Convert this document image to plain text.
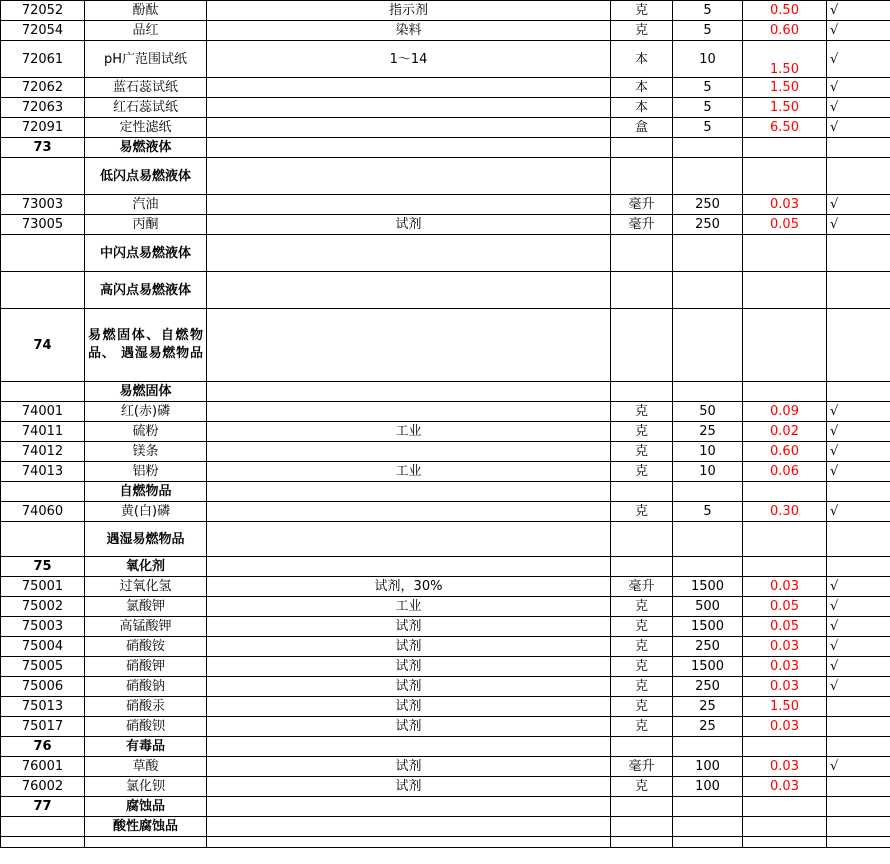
72052	酚酞	指示剂	克	5	0.50	√
72054	品红	染料	克	5	0.60	√
72061	pH广范围试纸	1～14	本	10	1.50	√
72062	蓝石蕊试纸		本	5	1.50	√
72063	红石蕊试纸		本	5	1.50	√
72091	定性滤纸		盒	5	6.50	√
73	易燃液体					
	低闪点易燃液体					
73003	汽油		毫升	250	0.03	√
73005	丙酮	试剂	毫升	250	0.05	√
	中闪点易燃液体					
	高闪点易燃液体					
74	易燃固体、自燃物品、 遇湿易燃物品					
	易燃固体					
74001	红(赤)磷		克	50	0.09	√
74011	硫粉	工业	克	25	0.02	√
74012	镁条		克	10	0.60	√
74013	铝粉	工业	克	10	0.06	√
	自燃物品					
74060	黄(白)磷		克	5	0.30	√
	遇湿易燃物品					
75	氧化剂					
75001	过氧化氢	试剂，30%	毫升	1500	0.03	√
75002	氯酸钾	工业	克	500	0.05	√
75003	高锰酸钾	试剂	克	1500	0.05	√
75004	硝酸铵	试剂	克	250	0.03	√
75005	硝酸钾	试剂	克	1500	0.03	√
75006	硝酸钠	试剂	克	250	0.03	√
75013	硝酸汞	试剂	克	25	1.50	
75017	硝酸钡	试剂	克	25	0.03	
76	有毒品					
76001	草酸	试剂	毫升	100	0.03	√
76002	氯化钡	试剂	克	100	0.03	
77	腐蚀品					
	酸性腐蚀品					
